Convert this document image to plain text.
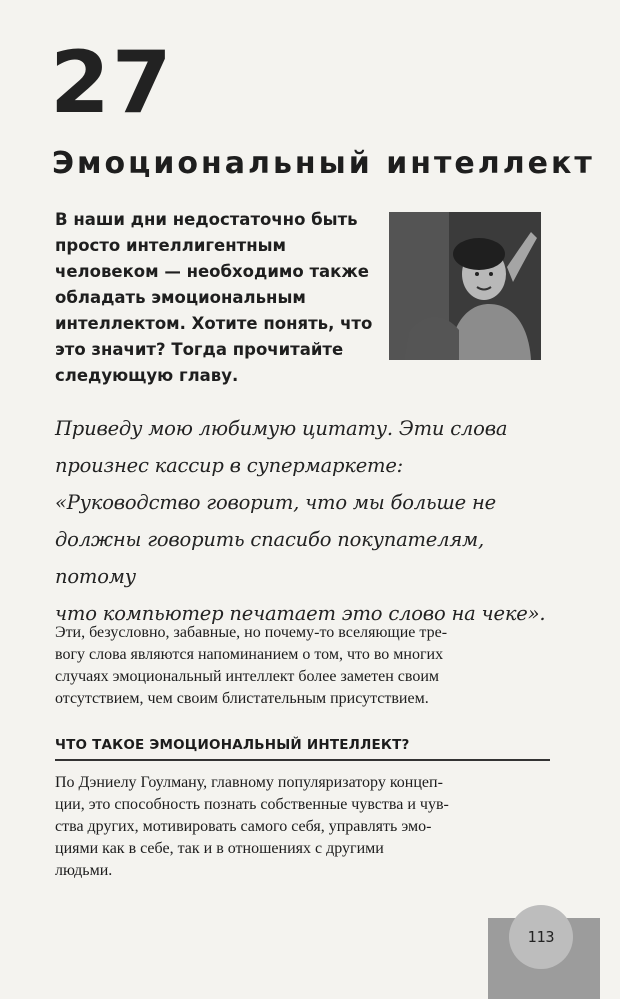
27
Эмоциональный интеллект
В наши дни недостаточно быть
просто интеллигентным
человеком — необходимо также
обладать эмоциональным
интеллектом. Хотите понять, что
это значит? Тогда прочитайте
следующую главу.
Приведу мою любимую цитату. Эти слова
произнес кассир в супермаркете:
«Руководство говорит, что мы больше не
должны говорить спасибо покупателям, потому
что компьютер печатает это слово на чеке».
Эти, безусловно, забавные, но почему-то вселяющие тре-
вогу слова являются напоминанием о том, что во многих
случаях эмоциональный интеллект более заметен своим
отсутствием, чем своим блистательным присутствием.
ЧТО ТАКОЕ ЭМОЦИОНАЛЬНЫЙ ИНТЕЛЛЕКТ?
По Дэниелу Гоулману, главному популяризатору концеп-
ции, это способность познать собственные чувства и чув-
ства других, мотивировать самого себя, управлять эмо-
циями как в себе, так и в отношениях с другими
людьми.
113
